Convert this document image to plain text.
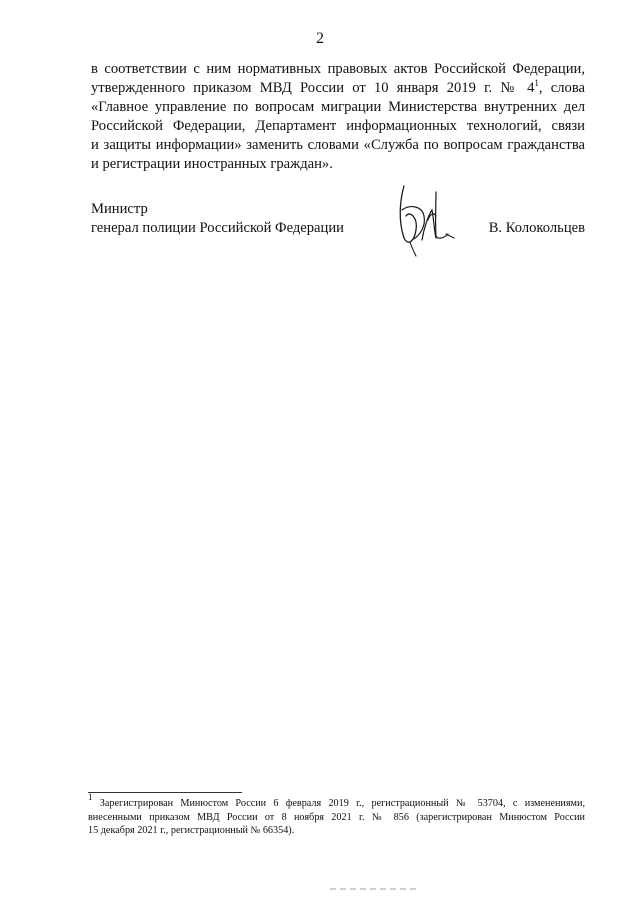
2
в соответствии с ним нормативных правовых актов Российской Федерации,
утвержденного приказом МВД России от 10 января 2019 г. № $4^1$, слова
«Главное управление по вопросам миграции Министерства внутренних дел
Российской Федерации, Департамент информационных технологий, связи
и защиты информации» заменить словами «Служба по вопросам гражданства
и регистрации иностранных граждан».
Министр
генерал полиции Российской Федерации	В. Колокольцев
$^1$ Зарегистрирован Минюстом России 6 февраля 2019 г., регистрационный № 53704, с изменениями,
внесенными приказом МВД России от 8 ноября 2021 г. № 856 (зарегистрирован Минюстом России
15 декабря 2021 г., регистрационный № 66354).
